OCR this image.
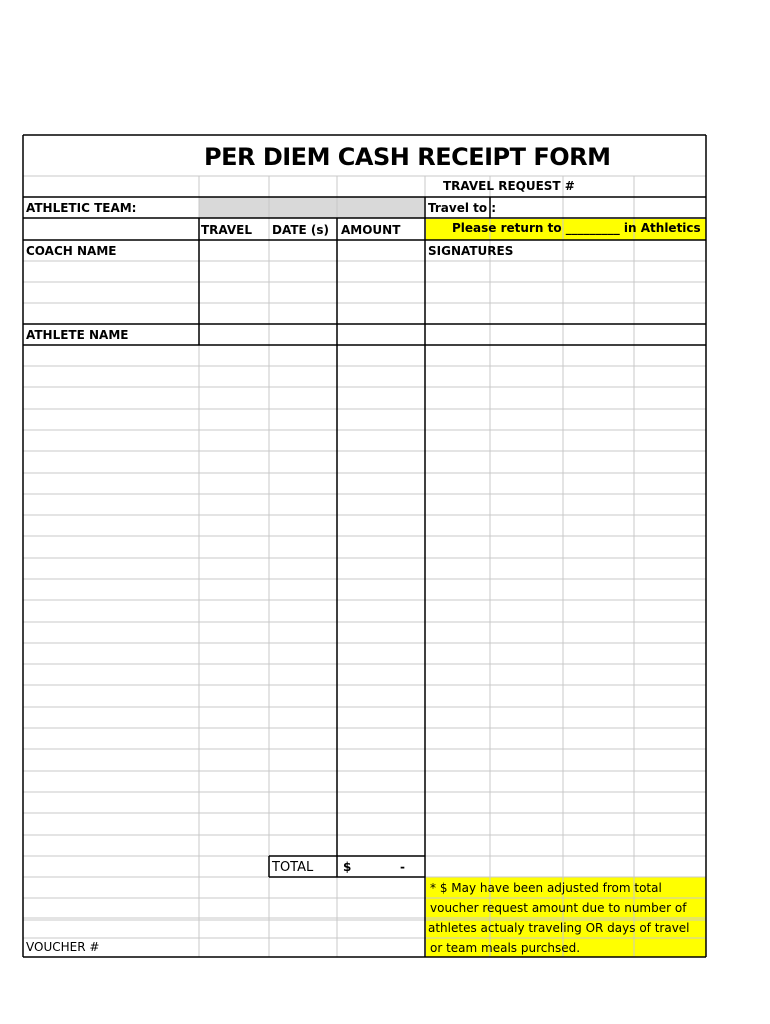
PER DIEM CASH RECEIPT FORM
TRAVEL REQUEST #
ATHLETIC TEAM:	Travel to :
TRAVEL DATE (s) AMOUNT	Please return to _________ in Athletics
COACH NAME	SIGNATURES
ATHLETE NAME
TOTAL $	-
VOUCHER #
* $ May have been adjusted from total
voucher request amount due to number of
athletes actualy traveling OR days of travel
or team meals purchsed.
